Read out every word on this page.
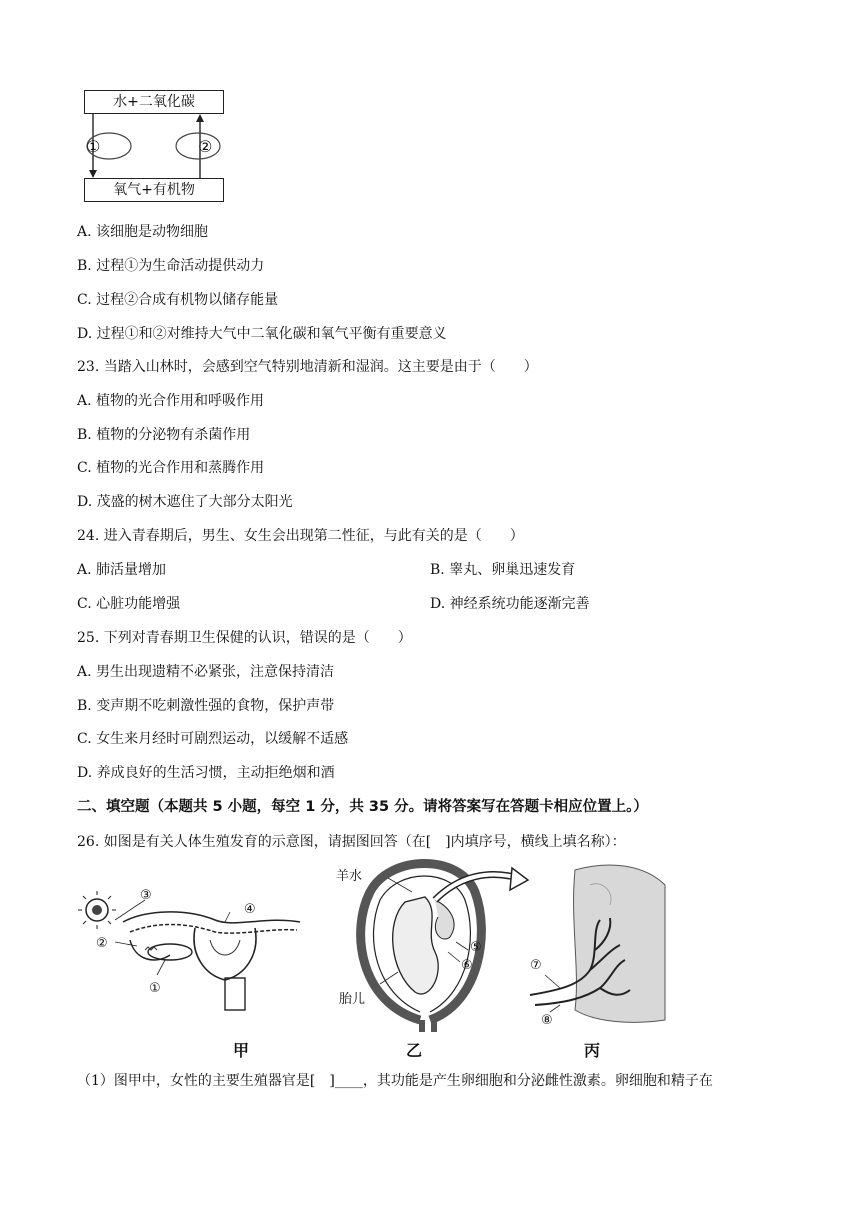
水+二氧化碳
氧气+有机物
①	②
A. 该细胞是动物细胞
B. 过程①为生命活动提供动力
C. 过程②合成有机物以储存能量
D. 过程①和②对维持大气中二氧化碳和氧气平衡有重要意义
23. 当踏入山林时，会感到空气特别地清新和湿润。这主要是由于（　　）
A. 植物的光合作用和呼吸作用
B. 植物的分泌物有杀菌作用
C. 植物的光合作用和蒸腾作用
D. 茂盛的树木遮住了大部分太阳光
24. 进入青春期后，男生、女生会出现第二性征，与此有关的是（　　）
A. 肺活量增加	B. 睾丸、卵巢迅速发育
C. 心脏功能增强	D. 神经系统功能逐渐完善
25. 下列对青春期卫生保健的认识，错误的是（　　）
A. 男生出现遗精不必紧张，注意保持清洁
B. 变声期不吃刺激性强的食物，保护声带
C. 女生来月经时可剧烈运动，以缓解不适感
D. 养成良好的生活习惯，主动拒绝烟和酒
二、填空题（本题共 5 小题，每空 1 分，共 35 分。请将答案写在答题卡相应位置上。）
26. 如图是有关人体生殖发育的示意图，请据图回答（在[　]内填序号，横线上填名称）：
③
④
②
①
甲
羊水
胎儿
⑤
⑥
乙
⑦
⑧
丙
（1）图甲中，女性的主要生殖器官是[　]____，其功能是产生卵细胞和分泌雌性激素。卵细胞和精子在
